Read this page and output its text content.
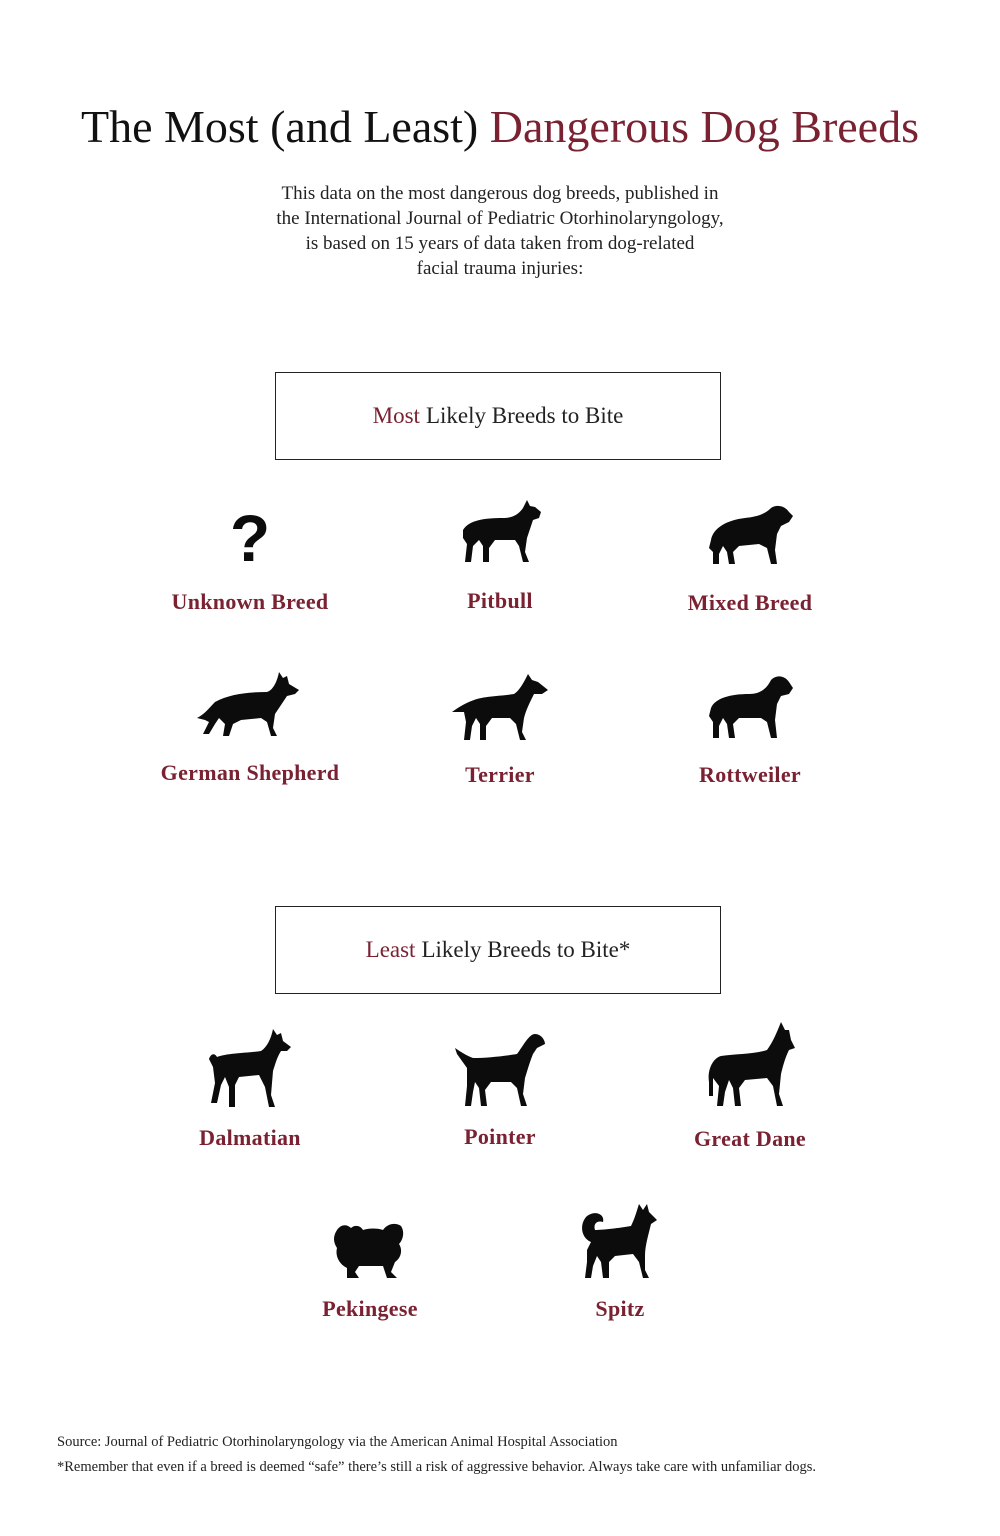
The Most (and Least) Dangerous Dog Breeds
This data on the most dangerous dog breeds, published in
the International Journal of Pediatric Otorhinolaryngology,
is based on 15 years of data taken from dog-related
facial trauma injuries:
Most Likely Breeds to Bite
?
Unknown Breed	Pitbull	Mixed Breed
German Shepherd	Terrier	Rottweiler
Least Likely Breeds to Bite*
Dalmatian	Pointer	Great Dane
Pekingese	Spitz
Source: Journal of Pediatric Otorhinolaryngology via the American Animal Hospital Association
*Remember that even if a breed is deemed “safe” there’s still a risk of aggressive behavior. Always take care with unfamiliar dogs.
